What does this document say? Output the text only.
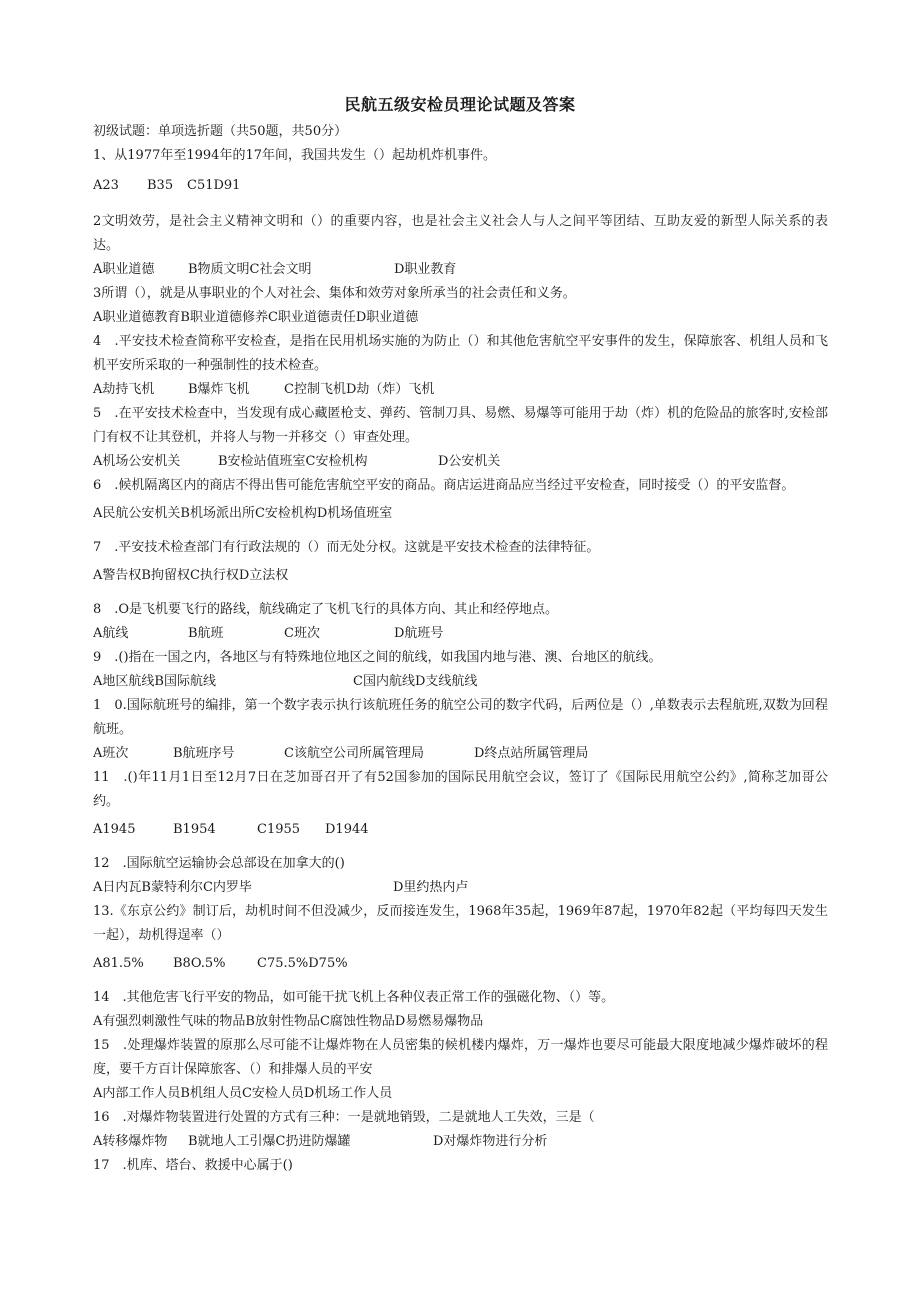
民航五级安检员理论试题及答案
初级试题：单项选折题（共50题，共50分）
1、从1977年至1994年的17年间，我国共发生（）起劫机炸机事件。
A23 B35 C51D91
2文明效劳，是社会主义精神文明和（）的重要内容，也是社会主义社会人与人之间平等团结、互助友爱的新型人际关系的表达。
A职业道德	B物质文明C社会文明	D职业教育
3所谓（），就是从事职业的个人对社会、集体和效劳对象所承当的社会责任和义务。
A职业道德教育B职业道德修养C职业道德责任D职业道德
4　.平安技术检查简称平安检查，是指在民用机场实施的为防止（）和其他危害航空平安事件的发生，保障旅客、机组人员和飞机平安所采取的一种强制性的技术检查。
A劫持飞机	B爆炸飞机	C控制飞机D劫（炸）飞机
5　.在平安技术检查中，当发现有成心藏匿枪支、弹药、管制刀具、易燃、易爆等可能用于劫（炸）机的危险品的旅客时,安检部门有权不让其登机，并将人与物一并移交（）审查处理。
A机场公安机关	B安检站值班室C安检机构	D公安机关
6　.候机隔离区内的商店不得出售可能危害航空平安的商品。商店运进商品应当经过平安检查，同时接受（）的平安监督。
A民航公安机关B机场派出所C安检机构D机场值班室
7　.平安技术检查部门有行政法规的（）而无处分权。这就是平安技术检查的法律特征。
A警告权B拘留权C执行权D立法权
8　.O是飞机要飞行的路线，航线确定了飞机飞行的具体方向、其止和经停地点。
A航线	B航班	C班次	D航班号
9　.()指在一国之内，各地区与有特殊地位地区之间的航线，如我国内地与港、澳、台地区的航线。
A地区航线B国际航线	C国内航线D支线航线
1　0.国际航班号的编排，第一个数字表示执行该航班任务的航空公司的数字代码，后两位是（）,单数表示去程航班,双数为回程航班。
A班次	B航班序号	C该航空公司所属管理局	D终点站所属管理局
11　.()年11月1日至12月7日在芝加哥召开了有52国参加的国际民用航空会议，签订了《国际民用航空公约》,简称芝加哥公约。
A1945	B1954	C1955 D1944
12　.国际航空运输协会总部设在加拿大的()
A日内瓦B蒙特利尔C内罗毕	D里约热内卢
13.《东京公约》制订后，劫机时间不但没减少，反而接连发生，1968年35起，1969年87起，1970年82起（平均每四天发生一起），劫机得逞率（）
A81.5% B8O.5% C75.5%D75%
14　.其他危害飞行平安的物品，如可能干扰飞机上各种仪表正常工作的强磁化物、（）等。
A有强烈刺激性气味的物品B放射性物品C腐蚀性物品D易燃易爆物品
15　.处理爆炸装置的原那么尽可能不让爆炸物在人员密集的候机楼内爆炸，万一爆炸也要尽可能最大限度地减少爆炸破坏的程度，要千方百计保障旅客、（）和排爆人员的平安
A内部工作人员B机组人员C安检人员D机场工作人员
16　.对爆炸物装置进行处置的方式有三种：一是就地销毁，二是就地人工失效，三是（
A转移爆炸物 B就地人工引爆C扔进防爆罐	D对爆炸物进行分析
17　.机库、塔台、救援中心属于()
